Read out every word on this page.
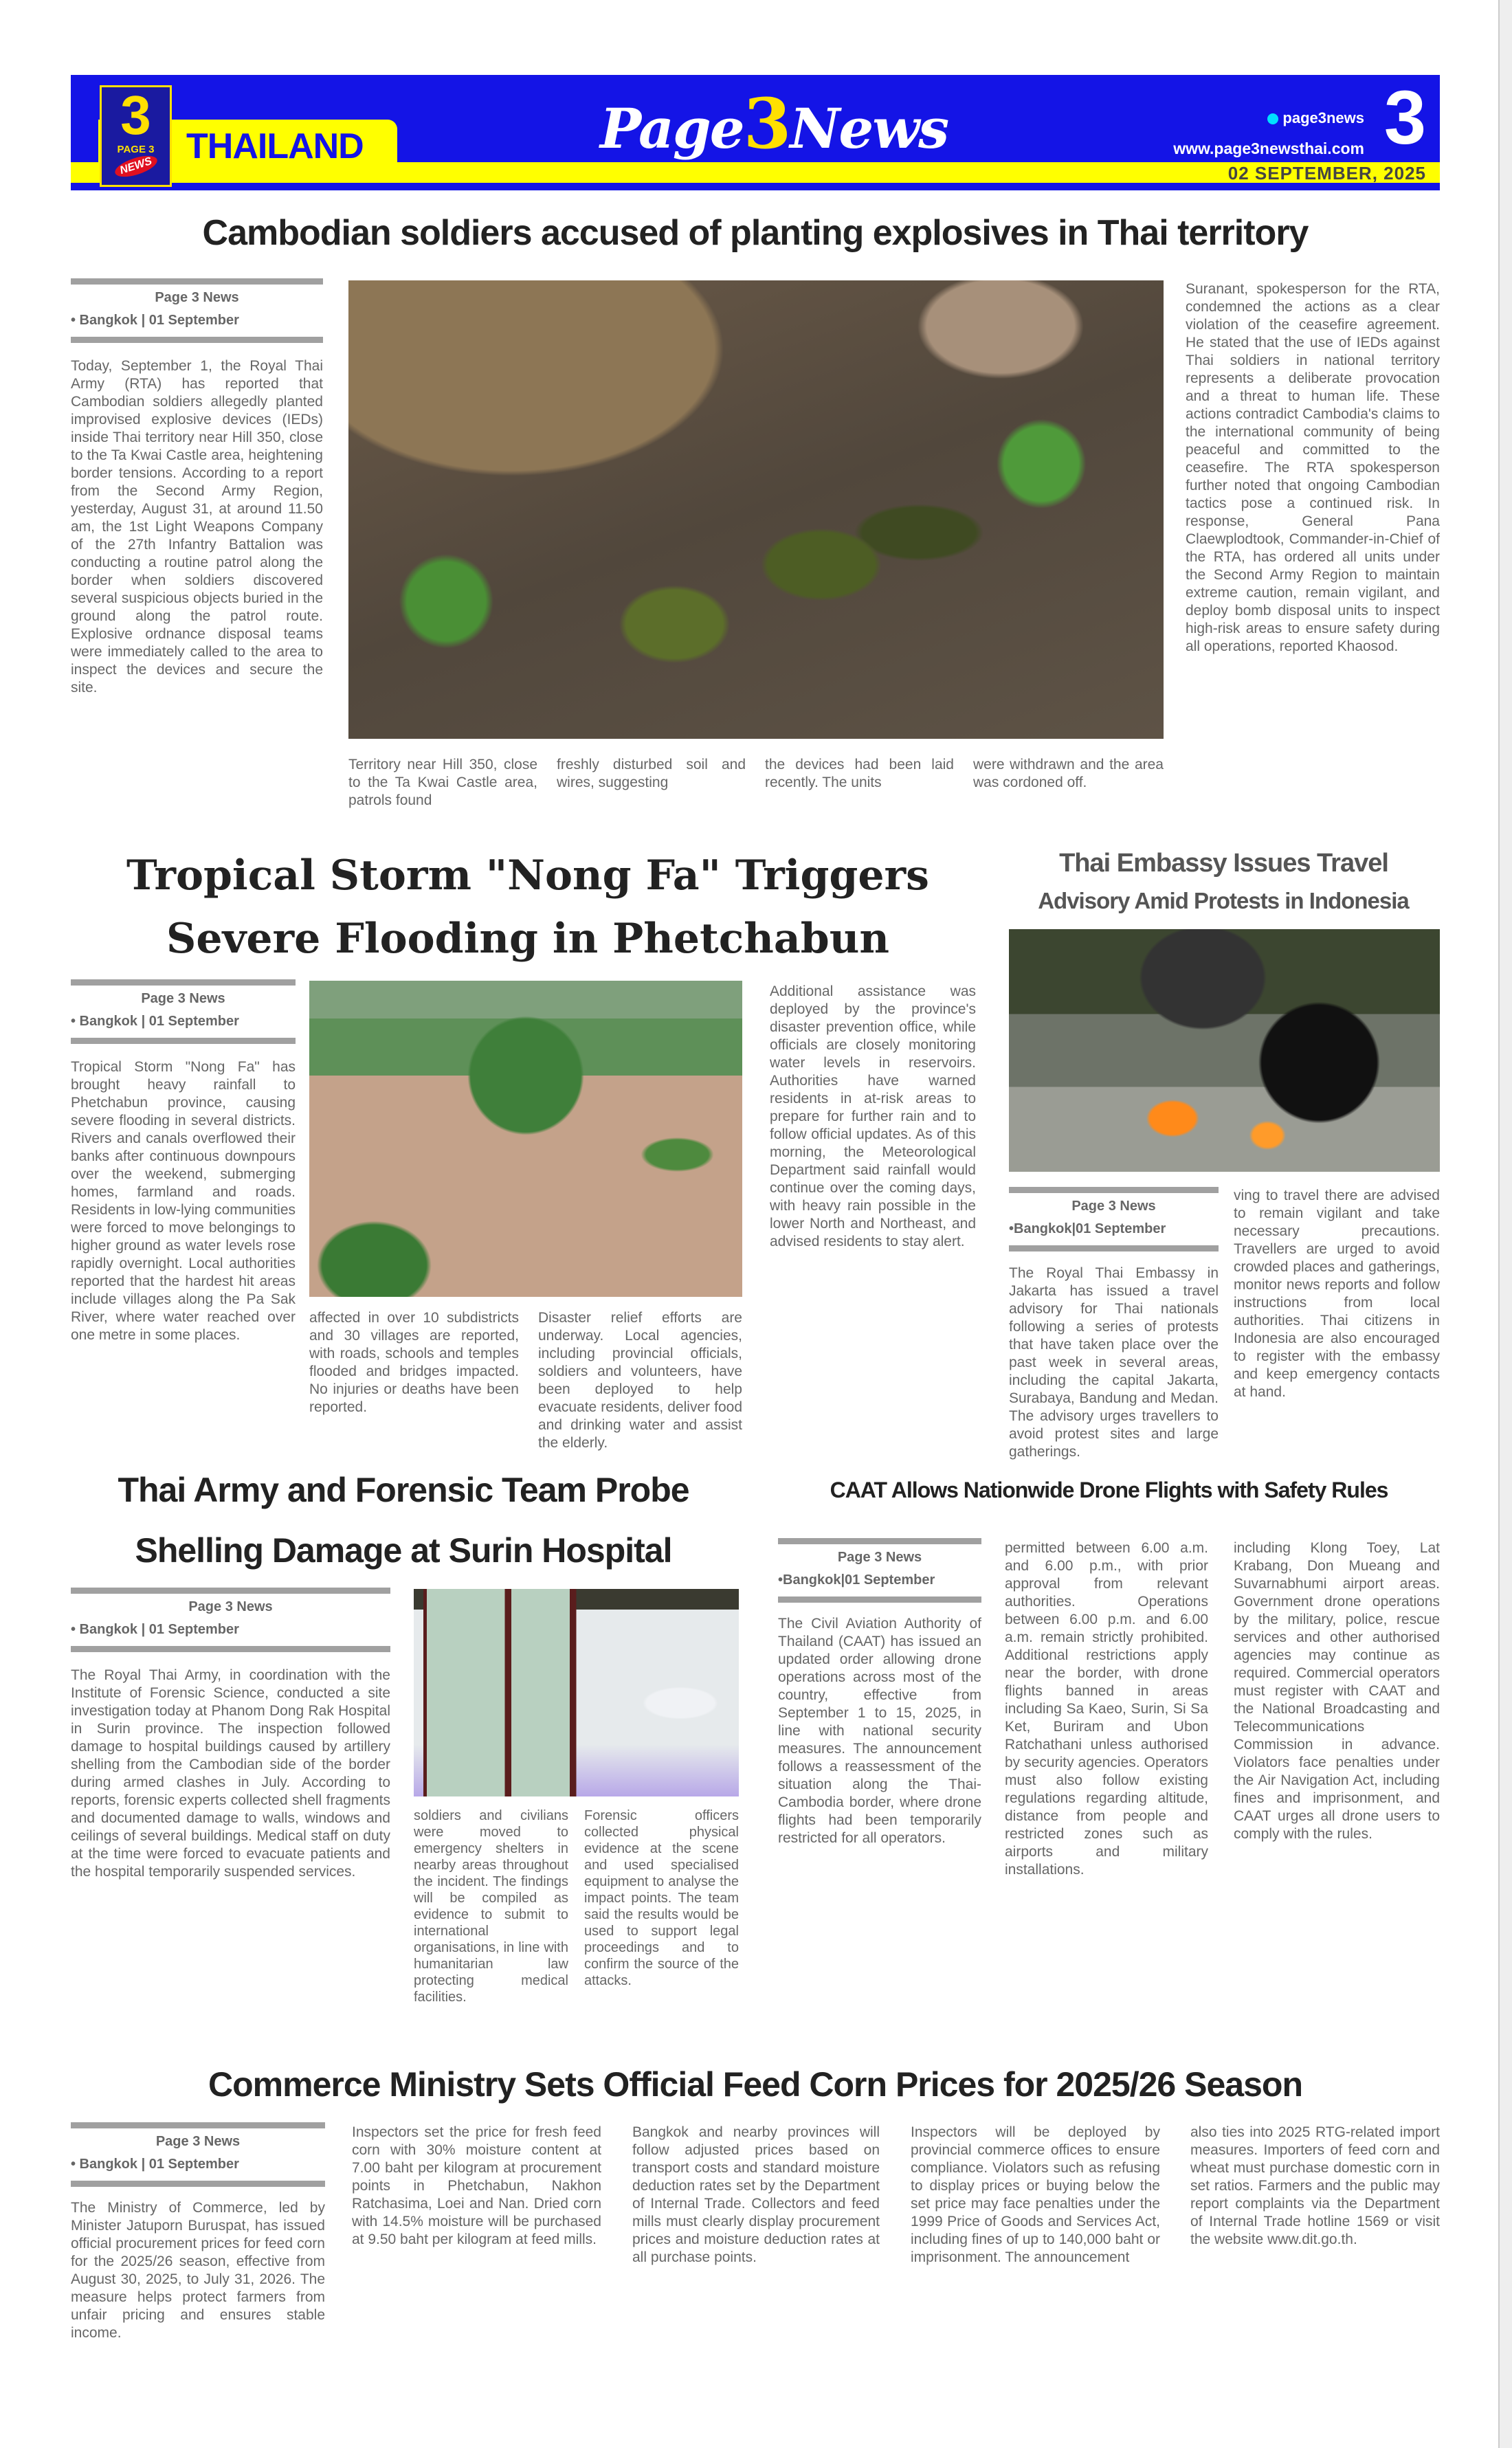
THAILAND
3
PAGE 3
NEWS
Page3News	page3news
www.page3newsthai.com 3
02 SEPTEMBER, 2025
Cambodian soldiers accused of planting explosives in Thai territory
Page 3 News
• Bangkok | 01 September
Today, September 1, the Royal Thai Army (RTA) has reported that Cambodian soldiers allegedly planted improvised explosive devices (IEDs) inside Thai territory near Hill 350, close to the Ta Kwai Castle area, heightening border tensions. According to a report from the Second Army Region, yesterday, August 31, at around 11.50 am, the 1st Light Weapons Company of the 27th Infantry Battalion was conducting a routine patrol along the border when soldiers discovered several suspicious objects buried in the ground along the patrol route. Explosive ordnance disposal teams were immediately called to the area to inspect the devices and secure the site.
Territory near Hill 350, close to the Ta Kwai Castle area, patrols found
freshly disturbed soil and wires, suggesting
the devices had been laid recently. The units
were withdrawn and the area was cordoned off.
Suranant, spokesperson for the RTA, condemned the actions as a clear violation of the ceasefire agreement. He stated that the use of IEDs against Thai soldiers in national territory represents a deliberate provocation and a threat to human life. These actions contradict Cambodia's claims to the international community of being peaceful and committed to the ceasefire. The RTA spokesperson further noted that ongoing Cambodian tactics pose a continued risk. In response, General Pana Claewplodtook, Commander-in-Chief of the RTA, has ordered all units under the Second Army Region to maintain extreme caution, remain vigilant, and deploy bomb disposal units to inspect high-risk areas to ensure safety during all operations, reported Khaosod.
Tropical Storm "Nong Fa" Triggers
Severe Flooding in Phetchabun
Page 3 News
• Bangkok | 01 September
Tropical Storm "Nong Fa" has brought heavy rainfall to Phetchabun province, causing severe flooding in several districts. Rivers and canals overflowed their banks after continuous downpours over the weekend, submerging homes, farmland and roads. Residents in low-lying communities were forced to move belongings to higher ground as water levels rose rapidly overnight. Local authorities reported that the hardest hit areas include villages along the Pa Sak River, where water reached over one metre in some places.
affected in over 10 subdistricts and 30 villages are reported, with roads, schools and temples flooded and bridges impacted. No injuries or deaths have been reported.
Disaster relief efforts are underway. Local agencies, including provincial officials, soldiers and volunteers, have been deployed to help evacuate residents, deliver food and drinking water and assist the elderly.
Additional assistance was deployed by the province's disaster prevention office, while officials are closely monitoring water levels in reservoirs. Authorities have warned residents in at-risk areas to prepare for further rain and to follow official updates. As of this morning, the Meteorological Department said rainfall would continue over the coming days, with heavy rain possible in the lower North and Northeast, and advised residents to stay alert.
Thai Embassy Issues Travel
Advisory Amid Protests in Indonesia
Page 3 News
•Bangkok|01 September
The Royal Thai Embassy in Jakarta has issued a travel advisory for Thai nationals following a series of protests that have taken place over the past week in several areas, including the capital Jakarta, Surabaya, Bandung and Medan. The advisory urges travellers to avoid protest sites and large gatherings.
ving to travel there are advised to remain vigilant and take necessary precautions. Travellers are urged to avoid crowded places and gatherings, monitor news reports and follow instructions from local authorities. Thai citizens in Indonesia are also encouraged to register with the embassy and keep emergency contacts at hand.
Thai Army and Forensic Team Probe
Shelling Damage at Surin Hospital
Page 3 News
• Bangkok | 01 September
The Royal Thai Army, in coordination with the Institute of Forensic Science, conducted a site investigation today at Phanom Dong Rak Hospital in Surin province. The inspection followed damage to hospital buildings caused by artillery shelling from the Cambodian side of the border during armed clashes in July. According to reports, forensic experts collected shell fragments and documented damage to walls, windows and ceilings of several buildings. Medical staff on duty at the time were forced to evacuate patients and the hospital temporarily suspended services.
soldiers and civilians were moved to emergency shelters in nearby areas throughout the incident. The findings will be compiled as evidence to submit to international organisations, in line with humanitarian law protecting medical facilities.
Forensic officers collected physical evidence at the scene and used specialised equipment to analyse the impact points. The team said the results would be used to support legal proceedings and to confirm the source of the attacks.
CAAT Allows Nationwide Drone Flights with Safety Rules
Page 3 News
•Bangkok|01 September
The Civil Aviation Authority of Thailand (CAAT) has issued an updated order allowing drone operations across most of the country, effective from September 1 to 15, 2025, in line with national security measures. The announcement follows a reassessment of the situation along the Thai-Cambodia border, where drone flights had been temporarily restricted for all operators.
permitted between 6.00 a.m. and 6.00 p.m., with prior approval from relevant authorities. Operations between 6.00 p.m. and 6.00 a.m. remain strictly prohibited. Additional restrictions apply near the border, with drone flights banned in areas including Sa Kaeo, Surin, Si Sa Ket, Buriram and Ubon Ratchathani unless authorised by security agencies. Operators must also follow existing regulations regarding altitude, distance from people and restricted zones such as airports and military installations.
including Klong Toey, Lat Krabang, Don Mueang and Suvarnabhumi airport areas. Government drone operations by the military, police, rescue services and other authorised agencies may continue as required. Commercial operators must register with CAAT and the National Broadcasting and Telecommunications Commission in advance. Violators face penalties under the Air Navigation Act, including fines and imprisonment, and CAAT urges all drone users to comply with the rules.
Commerce Ministry Sets Official Feed Corn Prices for 2025/26 Season
Page 3 News
• Bangkok | 01 September
The Ministry of Commerce, led by Minister Jatuporn Buruspat, has issued official procurement prices for feed corn for the 2025/26 season, effective from August 30, 2025, to July 31, 2026. The measure helps protect farmers from unfair pricing and ensures stable income.
Inspectors set the price for fresh feed corn with 30% moisture content at 7.00 baht per kilogram at procurement points in Phetchabun, Nakhon Ratchasima, Loei and Nan. Dried corn with 14.5% moisture will be purchased at 9.50 baht per kilogram at feed mills.
Bangkok and nearby provinces will follow adjusted prices based on transport costs and standard moisture deduction rates set by the Department of Internal Trade. Collectors and feed mills must clearly display procurement prices and moisture deduction rates at all purchase points.
Inspectors will be deployed by provincial commerce offices to ensure compliance. Violators such as refusing to display prices or buying below the set price may face penalties under the 1999 Price of Goods and Services Act, including fines of up to 140,000 baht or imprisonment. The announcement
also ties into 2025 RTG-related import measures. Importers of feed corn and wheat must purchase domestic corn in set ratios. Farmers and the public may report complaints via the Department of Internal Trade hotline 1569 or visit the website www.dit.go.th.
